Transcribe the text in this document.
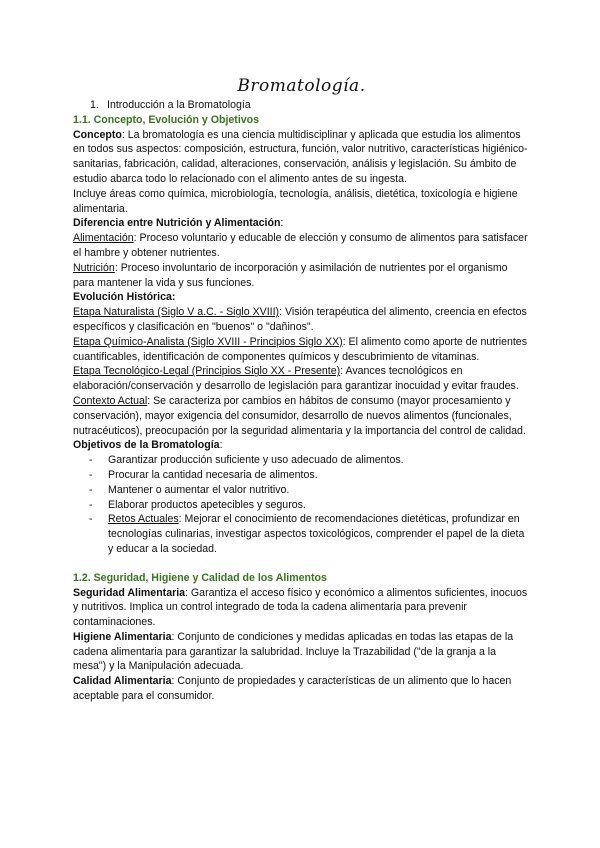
Bromatología.
1. Introducción a la Bromatología
1.1. Concepto, Evolución y Objetivos

Concepto: La bromatología es una ciencia multidisciplinar y aplicada que estudia los alimentos en todos sus aspectos: composición, estructura, función, valor nutritivo, características higiénico-sanitarias, fabricación, calidad, alteraciones, conservación, análisis y legislación. Su ámbito de estudio abarca todo lo relacionado con el alimento antes de su ingesta.

Incluye áreas como química, microbiología, tecnología, análisis, dietética, toxicología e higiene alimentaria.

Diferencia entre Nutrición y Alimentación:

Alimentación: Proceso voluntario y educable de elección y consumo de alimentos para satisfacer el hambre y obtener nutrientes.

Nutrición: Proceso involuntario de incorporación y asimilación de nutrientes por el organismo para mantener la vida y sus funciones.

Evolución Histórica:

Etapa Naturalista (Siglo V a.C. - Siglo XVIII): Visión terapéutica del alimento, creencia en efectos específicos y clasificación en "buenos" o "dañinos".

Etapa Químico-Analista (Siglo XVIII - Principios Siglo XX): El alimento como aporte de nutrientes cuantificables, identificación de componentes químicos y descubrimiento de vitaminas.

Etapa Tecnológico-Legal (Principios Siglo XX - Presente): Avances tecnológicos en elaboración/conservación y desarrollo de legislación para garantizar inocuidad y evitar fraudes.

Contexto Actual: Se caracteriza por cambios en hábitos de consumo (mayor procesamiento y conservación), mayor exigencia del consumidor, desarrollo de nuevos alimentos (funcionales, nutracéuticos), preocupación por la seguridad alimentaria y la importancia del control de calidad.

Objetivos de la Bromatología:

-	Garantizar producción suficiente y uso adecuado de alimentos.
-	Procurar la cantidad necesaria de alimentos.
-	Mantener o aumentar el valor nutritivo.
-	Elaborar productos apetecibles y seguros.
-	Retos Actuales: Mejorar el conocimiento de recomendaciones dietéticas, profundizar en tecnologías culinarias, investigar aspectos toxicológicos, comprender el papel de la dieta y educar a la sociedad.
1.2. Seguridad, Higiene y Calidad de los Alimentos

Seguridad Alimentaria: Garantiza el acceso físico y económico a alimentos suficientes, inocuos y nutritivos. Implica un control integrado de toda la cadena alimentaria para prevenir contaminaciones.

Higiene Alimentaria: Conjunto de condiciones y medidas aplicadas en todas las etapas de la cadena alimentaria para garantizar la salubridad. Incluye la Trazabilidad ("de la granja a la mesa") y la Manipulación adecuada.

Calidad Alimentaria: Conjunto de propiedades y características de un alimento que lo hacen aceptable para el consumidor.
